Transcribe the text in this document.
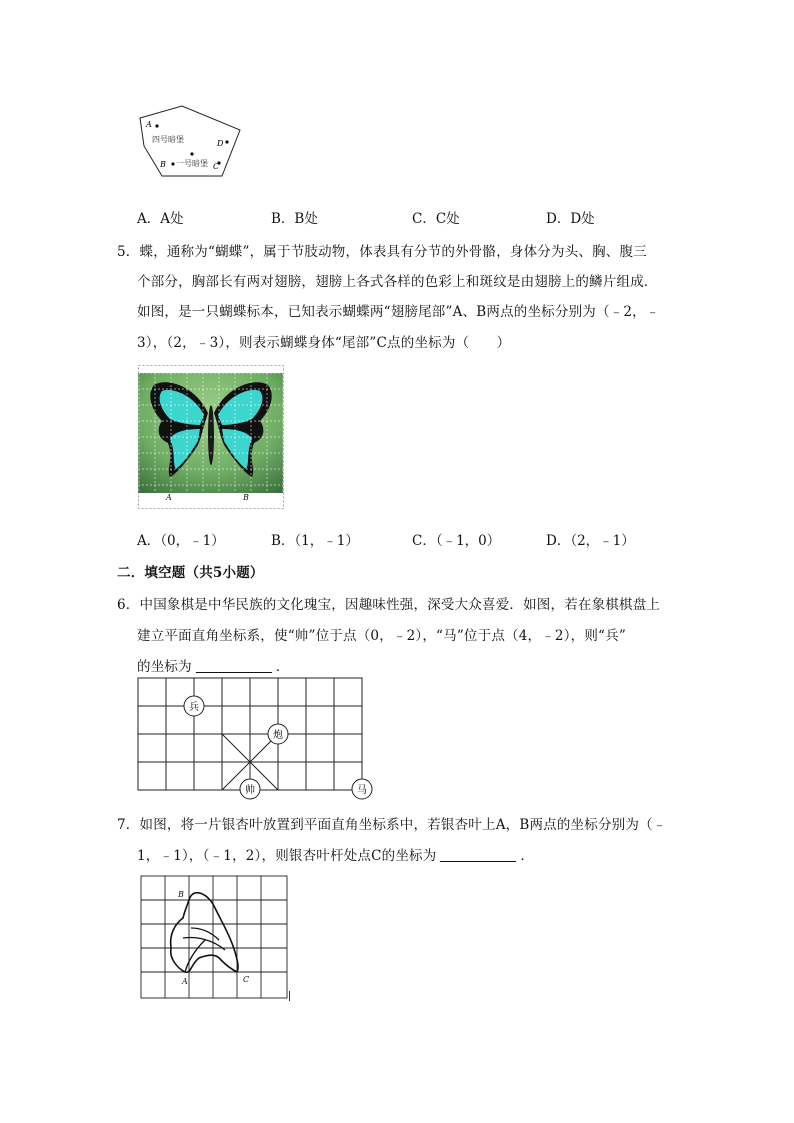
A
四号暗堡	D
B 一号暗堡 C
A．A处	B．B处	C．C处	D．D处
5．蝶，通称为“蝴蝶”，属于节肢动物，体表具有分节的外骨骼，身体分为头、胸、腹三
个部分，胸部长有两对翅膀，翅膀上各式各样的色彩上和斑纹是由翅膀上的鳞片组成．
如图，是一只蝴蝶标本，已知表示蝴蝶两“翅膀尾部”A、B两点的坐标分别为（﹣2，﹣
3），（2，﹣3），则表示蝴蝶身体“尾部”C点的坐标为（　　）
A	B
A．（0，﹣1）	B．（1，﹣1）	C．（﹣1，0）	D．（2，﹣1）
二．填空题（共5小题）
6．中国象棋是中华民族的文化瑰宝，因趣味性强，深受大众喜爱．如图，若在象棋棋盘上
建立平面直角坐标系，使“帅”位于点（0，﹣2），“马”位于点（4，﹣2），则“兵”
的坐标为	．
兵
炮
帅	马
7．如图，将一片银杏叶放置到平面直角坐标系中，若银杏叶上A，B两点的坐标分别为（﹣
1，﹣1），（﹣1，2），则银杏叶杆处点C的坐标为	．
B
A	C
